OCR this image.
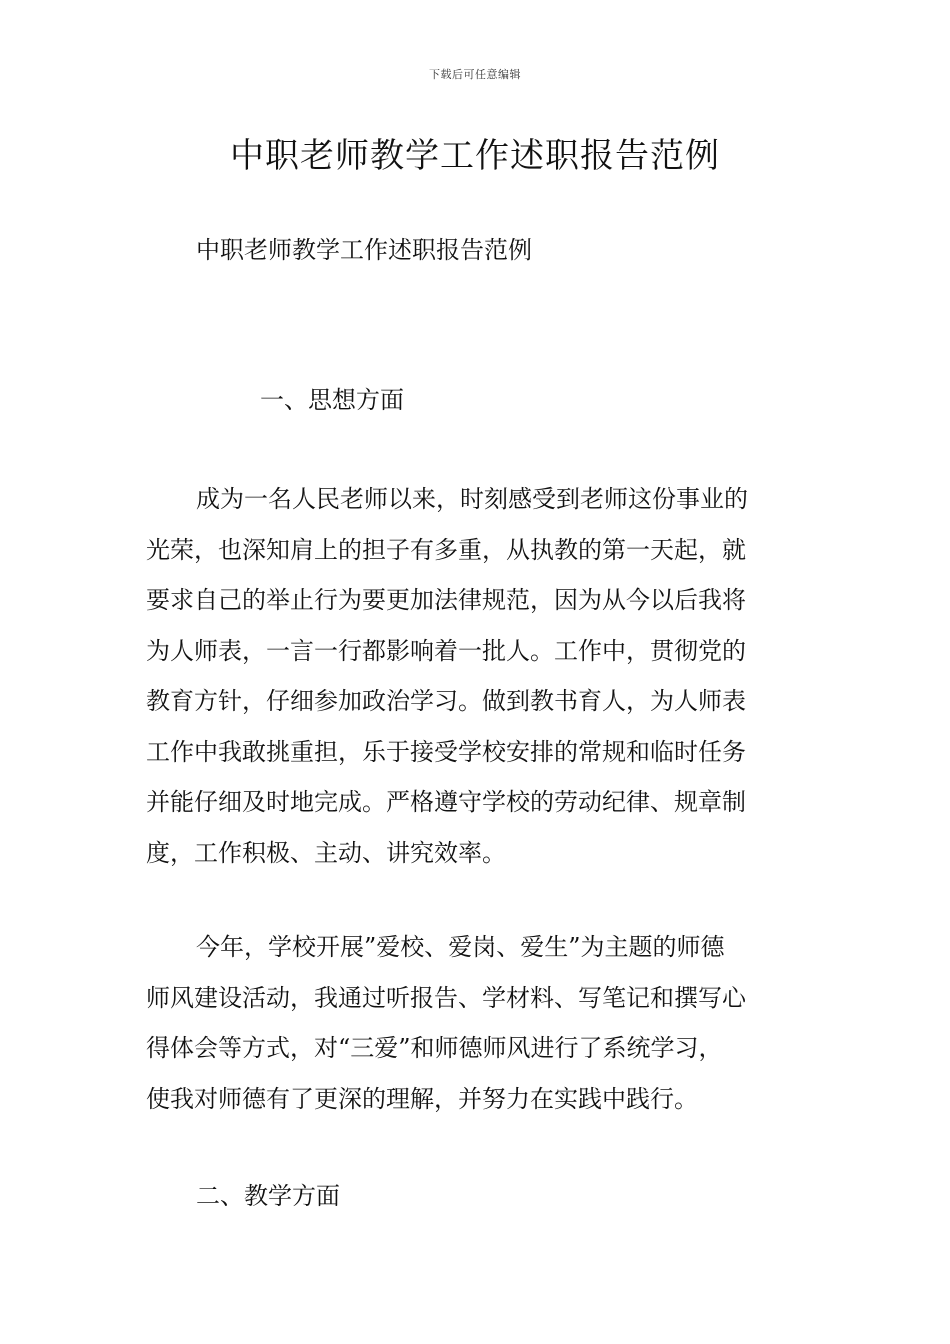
下载后可任意编辑
中职老师教学工作述职报告范例

中职老师教学工作述职报告范例

一、思想方面

成为一名人民老师以来，时刻感受到老师这份事业的
光荣，也深知肩上的担子有多重，从执教的第一天起，就
要求自己的举止行为要更加法律规范，因为从今以后我将
为人师表，一言一行都影响着一批人。工作中，贯彻党的
教育方针，仔细参加政治学习。做到教书育人，为人师表
工作中我敢挑重担，乐于接受学校安排的常规和临时任务
并能仔细及时地完成。严格遵守学校的劳动纪律、规章制
度，工作积极、主动、讲究效率。
今年，学校开展”爱校、爱岗、爱生”为主题的师德
师风建设活动，我通过听报告、学材料、写笔记和撰写心
得体会等方式，对“三爱”和师德师风进行了系统学习，
使我对师德有了更深的理解，并努力在实践中践行。

二、教学方面
